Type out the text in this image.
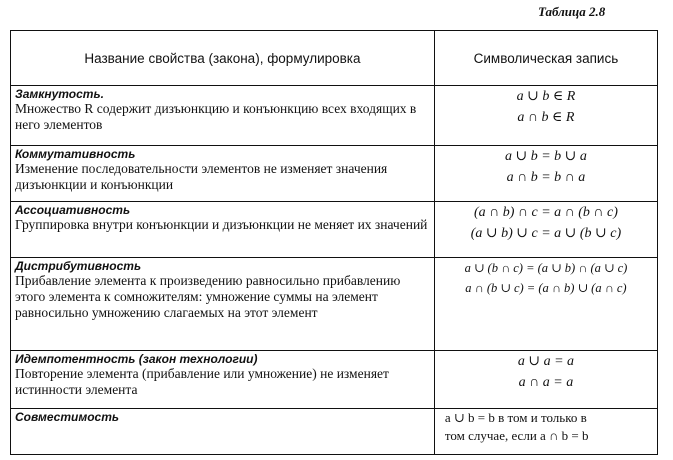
Таблица 2.8
Название свойства (закона), формулировка	Символическая запись

Замкнутость.
Множество R содержит дизъюнкцию и конъюнкцию всех входящих в него элементов	a ∪ b ∈ R
a ∩ b ∈ R

Коммутативность
Изменение последовательности элементов не изменяет значения дизъюнкции и конъюнкции	a ∪ b = b ∪ a
a ∩ b = b ∩ a

Ассоциативность
Группировка внутри конъюнкции и дизъюнкции не меняет их значений	(a ∩ b) ∩ c = a ∩ (b ∩ c)
(a ∪ b) ∪ c = a ∪ (b ∪ c)

Дистрибутивность
Прибавление элемента к произведению равносильно прибавлению этого элемента к сомножителям: умножение суммы на элемент равносильно умножению слагаемых на этот элемент	a ∪ (b ∩ c) = (a ∪ b) ∩ (a ∪ c)
a ∩ (b ∪ c) = (a ∩ b) ∪ (a ∩ c)

Идемпотентность (закон технологии)
Повторение элемента (прибавление или умножение) не изменяет истинности элемента	a ∪ a = a
a ∩ a = a

Совместимость	a ∪ b = b в том и только в
том случае, если a ∩ b = b
